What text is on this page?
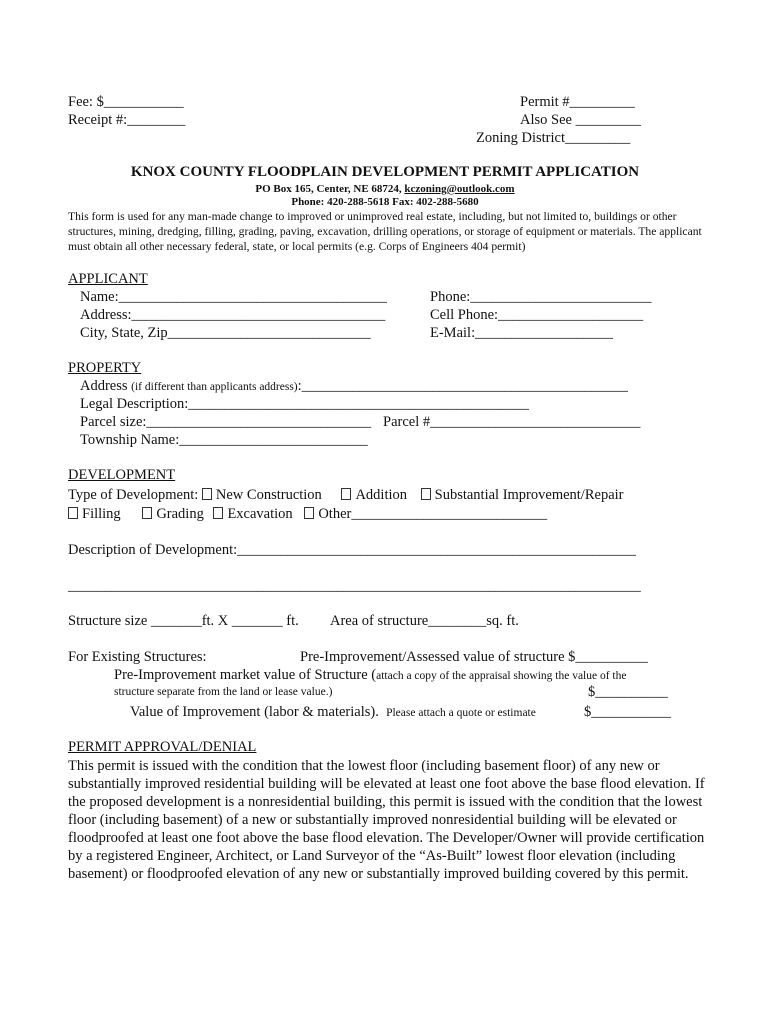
Fee: $___________
Receipt #:________
Permit #_________
Also See _________
Zoning District_________
KNOX COUNTY FLOODPLAIN DEVELOPMENT PERMIT APPLICATION
PO Box 165, Center, NE 68724, kczoning@outlook.com
Phone: 420-288-5618 Fax: 402-288-5680
This form is used for any man-made change to improved or unimproved real estate, including, but not limited to, buildings or other structures, mining, dredging, filling, grading, paving, excavation, drilling operations, or storage of equipment or materials. The applicant must obtain all other necessary federal, state, or local permits (e.g. Corps of Engineers 404 permit)
APPLICANT
Name:_____________________________________
Address:___________________________________
City, State, Zip____________________________
Phone:_________________________
Cell Phone:____________________
E-Mail:___________________
PROPERTY
Address (if different than applicants address):_____________________________________________
Legal Description:_______________________________________________
Parcel size:_______________________________ Parcel #_____________________________
Township Name:__________________________
DEVELOPMENT
Type of Development: New Construction Addition Substantial Improvement/Repair
Filling Grading Excavation Other___________________________
Description of Development:_______________________________________________________
_______________________________________________________________________________
Structure size _______ft. X _______ ft. Area of structure________sq. ft.
For Existing Structures:	Pre-Improvement/Assessed value of structure $__________
Pre-Improvement market value of Structure (attach a copy of the appraisal showing the value of the
structure separate from the land or lease value.)	$__________
Value of Improvement (labor & materials). Please attach a quote or estimate	$___________
PERMIT APPROVAL/DENIAL
This permit is issued with the condition that the lowest floor (including basement floor) of any new or substantially improved residential building will be elevated at least one foot above the base flood elevation. If the proposed development is a nonresidential building, this permit is issued with the condition that the lowest floor (including basement) of a new or substantially improved nonresidential building will be elevated or floodproofed at least one foot above the base flood elevation. The Developer/Owner will provide certification by a registered Engineer, Architect, or Land Surveyor of the “As-Built” lowest floor elevation (including basement) or floodproofed elevation of any new or substantially improved building covered by this permit.
